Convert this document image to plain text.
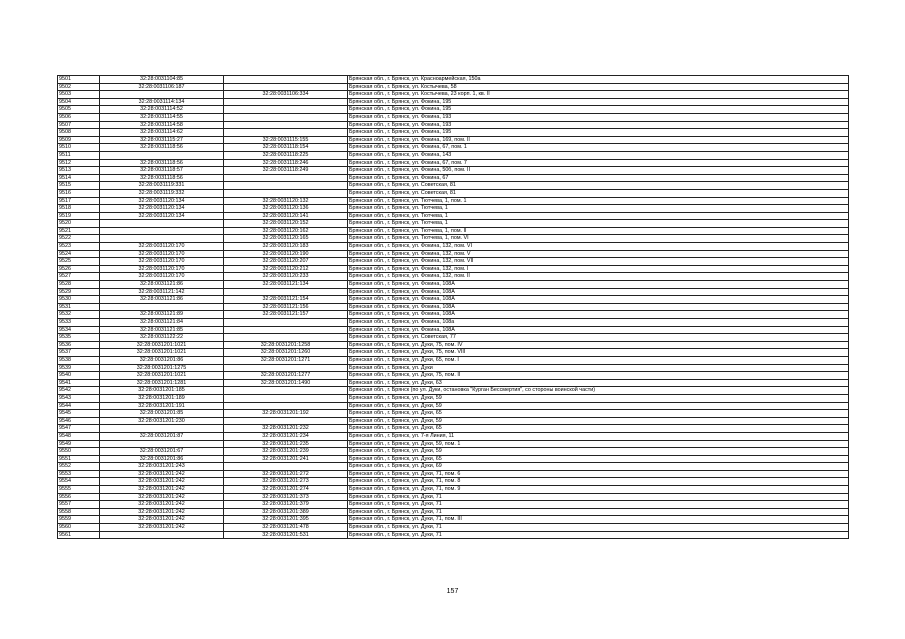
9501	32:28:0031104:85		Брянская обл., г. Брянск, ул. Красноармейская, 150а
9502	32:28:0031106:187		Брянская обл., г. Брянск, ул. Костычева, 58
9503		32:28:0031106:334	Брянская обл., г. Брянск, ул. Костычева, 23 корп. 1, кв. II
9504	32:28:0031114:134		Брянская обл., г. Брянск, ул. Фокина, 195
9505	32:28:0031114:52		Брянская обл., г. Брянск, ул. Фокина, 195
9506	32:28:0031114:55		Брянская обл., г. Брянск, ул. Фокина, 193
9507	32:28:0031114:58		Брянская обл., г. Брянск, ул. Фокина, 193
9508	32:28:0031114:62		Брянская обл., г. Брянск, ул. Фокина, 195
9509	32:28:0031115:27	32:28:0031115:155	Брянская обл., г. Брянск, ул. Фокина, 169, пом. II
9510	32:28:0031118:56	32:28:0031118:154	Брянская обл., г. Брянск, ул. Фокина, 67, пом. 1
9511		32:28:0031118:225	Брянская обл., г. Брянск, ул. Фокина, 143
9512	32:28:0031118:56	32:28:0031118:246	Брянская обл., г. Брянск, ул. Фокина, 67, пом. 7
9513	32:28:0031118:57	32:28:0031118:249	Брянская обл., г. Брянск, ул. Фокина, 50б, пом. II
9514	32:28:0031118:56		Брянская обл., г. Брянск, ул. Фокина, 67
9515	32:28:0031119:331		Брянская обл., г. Брянск, ул. Советская, 81
9516	32:28:0031119:332		Брянская обл., г. Брянск, ул. Советская, 81
9517	32:28:0031120:134	32:28:0031120:132	Брянская обл., г. Брянск, ул. Тютчева, 1, пом. 1
9518	32:28:0031120:134	32:28:0031120:136	Брянская обл., г. Брянск, ул. Тютчева, 1
9519	32:28:0031120:134	32:28:0031120:141	Брянская обл., г. Брянск, ул. Тютчева, 1
9520		32:28:0031120:152	Брянская обл., г. Брянск, ул. Тютчева, 1
9521		32:28:0031120:162	Брянская обл., г. Брянск, ул. Тютчева, 1, пом. II
9522		32:28:0031120:165	Брянская обл., г. Брянск, ул. Тютчева, 1, пом. VI
9523	32:28:0031120:170	32:28:0031120:183	Брянская обл., г. Брянск, ул. Фокина, 132, пом. VI
9524	32:28:0031120:170	32:28:0031120:190	Брянская обл., г. Брянск, ул. Фокина, 132, пом. V
9525	32:28:0031120:170	32:28:0031120:207	Брянская обл., г. Брянск, ул. Фокина, 132, пом. VII
9526	32:28:0031120:170	32:28:0031120:212	Брянская обл., г. Брянск, ул. Фокина, 132, пом. I
9527	32:28:0031120:170	32:28:0031120:233	Брянская обл., г. Брянск, ул. Фокина, 132, пом. II
9528	32:28:0031121:86	32:28:0031121:134	Брянская обл., г. Брянск, ул. Фокина, 108А
9529	32:28:0031121:142		Брянская обл., г. Брянск, ул. Фокина, 108А
9530	32:28:0031121:86	32:28:0031121:154	Брянская обл., г. Брянск, ул. Фокина, 108А
9531		32:28:0031121:156	Брянская обл., г. Брянск, ул. Фокина, 108А
9532	32:28:0031121:89	32:28:0031121:157	Брянская обл., г. Брянск, ул. Фокина, 108А
9533	32:28:0031121:84		Брянская обл., г. Брянск, ул. Фокина, 108а
9534	32:28:0031121:85		Брянская обл., г. Брянск, ул. Фокина, 108А
9535	32:28:0031122:22		Брянская обл., г. Брянск, ул. Советская, 77
9536	32:28:0031201:1021	32:28:0031201:1258	Брянская обл., г. Брянск, ул. Дуки, 75, пом. IV
9537	32:28:0031201:1021	32:28:0031201:1260	Брянская обл., г. Брянск, ул. Дуки, 75, пом. VIII
9538	32:28:0031201:86	32:28:0031201:1271	Брянская обл., г. Брянск, ул. Дуки, 65, пом. I
9539	32:28:0031201:1275		Брянская обл., г. Брянск, ул. Дуки
9540	32:28:0031201:1021	32:28:0031201:1277	Брянская обл., г. Брянск, ул. Дуки, 75, пом. II
9541	32:28:0031201:1281	32:28:0031201:1490	Брянская обл., г. Брянск, ул. Дуки, 63
9542	32:28:0031201:185		Брянская обл., г. Брянск (по ул. Дуки, остановка "Курган Бессмертия", со стороны воинской части)
9543	32:28:0031201:189		Брянская обл., г. Брянск, ул. Дуки, 59
9544	32:28:0031201:191		Брянская обл., г. Брянск, ул. Дуки, 59
9545	32:28:0031201:85	32:28:0031201:192	Брянская обл., г. Брянск, ул. Дуки, 65
9546	32:28:0031201:230		Брянская обл., г. Брянск, ул. Дуки, 59
9547		32:28:0031201:232	Брянская обл., г. Брянск, ул. Дуки, 65
9548	32:28:0031201:87	32:28:0031201:234	Брянская обл., г. Брянск, ул. 7-я Линия, 11
9549		32:28:0031201:235	Брянская обл., г. Брянск, ул. Дуки, 59, пом. 1
9550	32:28:0031201:67	32:28:0031201:239	Брянская обл., г. Брянск, ул. Дуки, 59
9551	32:28:0031201:86	32:28:0031201:241	Брянская обл., г. Брянск, ул. Дуки, 65
9552	32:28:0031201:243		Брянская обл., г. Брянск, ул. Дуки, 69
9553	32:28:0031201:242	32:28:0031201:272	Брянская обл., г. Брянск, ул. Дуки, 71, пом. 6
9554	32:28:0031201:242	32:28:0031201:273	Брянская обл., г. Брянск, ул. Дуки, 71, пом. 8
9555	32:28:0031201:242	32:28:0031201:274	Брянская обл., г. Брянск, ул. Дуки, 71, пом. 9
9556	32:28:0031201:242	32:28:0031201:373	Брянская обл., г. Брянск, ул. Дуки, 71
9557	32:28:0031201:242	32:28:0031201:379	Брянская обл., г. Брянск, ул. Дуки, 71
9558	32:28:0031201:242	32:28:0031201:389	Брянская обл., г. Брянск, ул. Дуки, 71
9559	32:28:0031201:242	32:28:0031201:395	Брянская обл., г. Брянск, ул. Дуки, 71, пом. III
9560	32:28:0031201:242	32:28:0031201:478	Брянская обл., г. Брянск, ул. Дуки, 71
9561		32:28:0031201:531	Брянская обл., г. Брянск, ул. Дуки, 71
157
